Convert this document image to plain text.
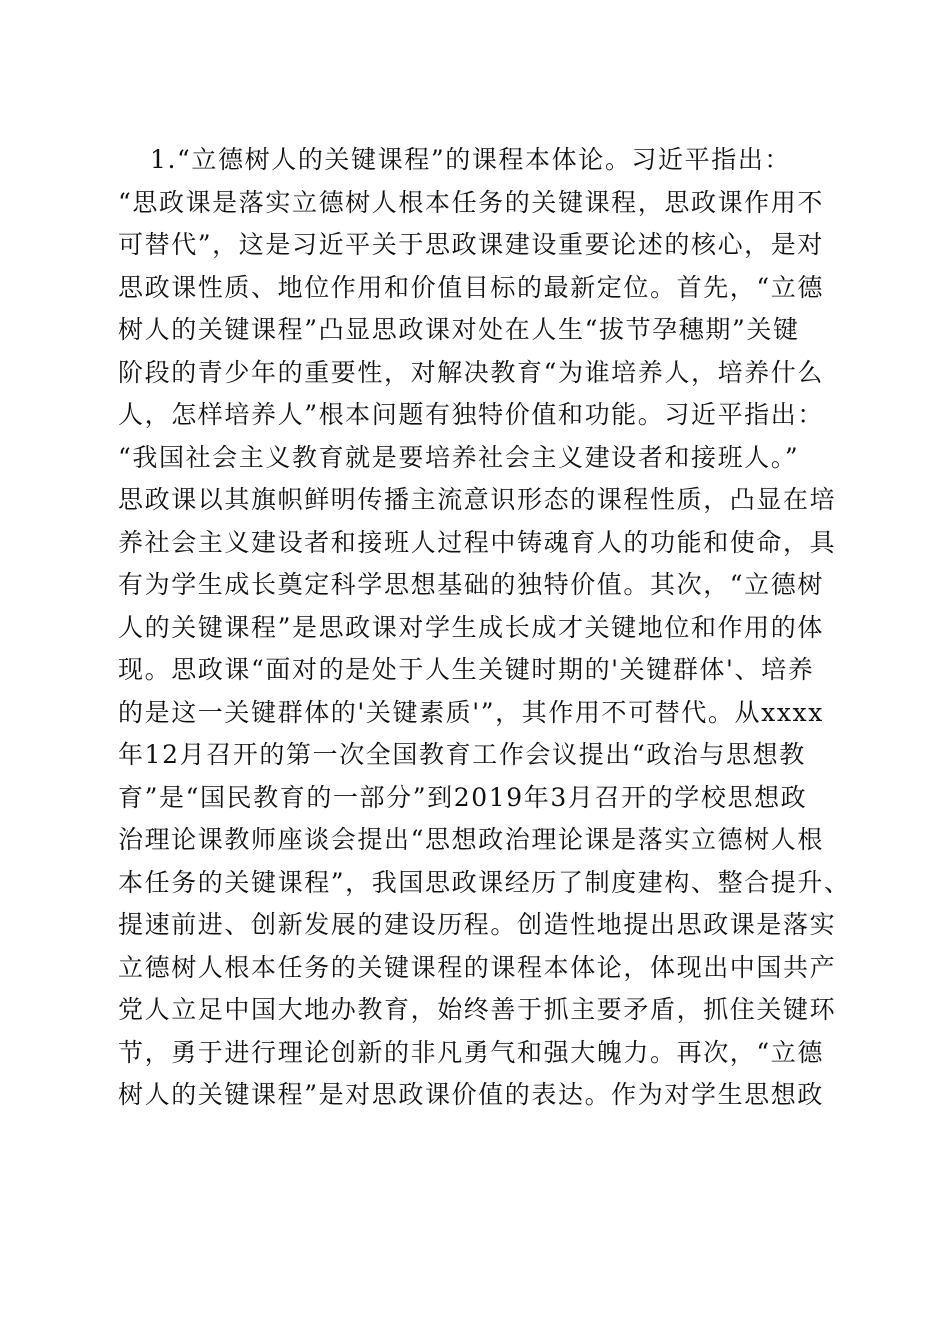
1.“立德树人的关键课程”的课程本体论。习近平指出：
“思政课是落实立德树人根本任务的关键课程，思政课作用不
可替代”，这是习近平关于思政课建设重要论述的核心，是对
思政课性质、地位作用和价值目标的最新定位。首先，“立德
树人的关键课程”凸显思政课对处在人生“拔节孕穗期”关键
阶段的青少年的重要性，对解决教育“为谁培养人，培养什么
人，怎样培养人”根本问题有独特价值和功能。习近平指出：
“我国社会主义教育就是要培养社会主义建设者和接班人。”
思政课以其旗帜鲜明传播主流意识形态的课程性质，凸显在培
养社会主义建设者和接班人过程中铸魂育人的功能和使命，具
有为学生成长奠定科学思想基础的独特价值。其次，“立德树
人的关键课程”是思政课对学生成长成才关键地位和作用的体
现。思政课“面对的是处于人生关键时期的'关键群体'、培养
的是这一关键群体的'关键素质'”，其作用不可替代。从xxxx
年12月召开的第一次全国教育工作会议提出“政治与思想教
育”是“国民教育的一部分”到2019年3月召开的学校思想政
治理论课教师座谈会提出“思想政治理论课是落实立德树人根
本任务的关键课程”，我国思政课经历了制度建构、整合提升、
提速前进、创新发展的建设历程。创造性地提出思政课是落实
立德树人根本任务的关键课程的课程本体论，体现出中国共产
党人立足中国大地办教育，始终善于抓主要矛盾，抓住关键环
节，勇于进行理论创新的非凡勇气和强大魄力。再次，“立德
树人的关键课程”是对思政课价值的表达。作为对学生思想政
